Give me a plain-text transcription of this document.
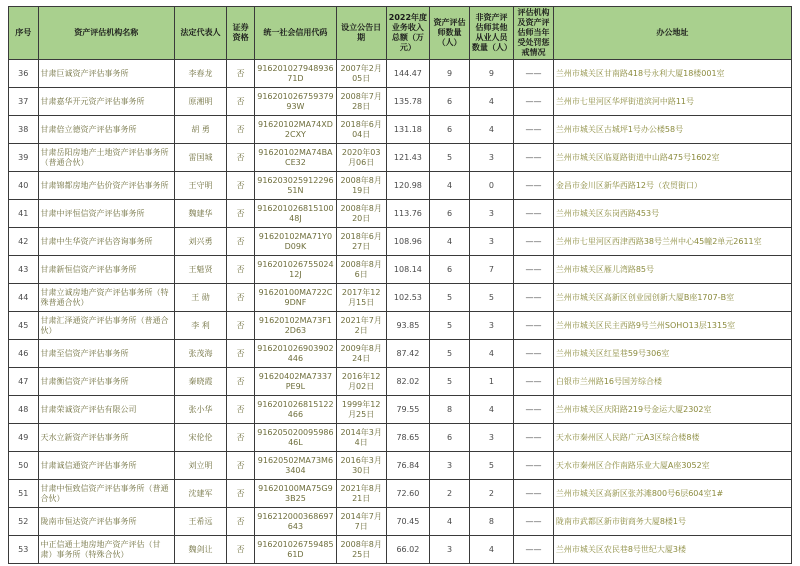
序号	资产评估机构名称	法定代表人	证券资格	统一社会信用代码	设立公告日期	2022年度业务收入总额（万元）	资产评估师数量（人）	非资产评估师其他从业人员数量（人）	评估机构及资产评估师当年受处罚惩戒情况	办公地址
36	甘肃巨诚资产评估事务所	李春龙	否	91620102794893671D	2007年2月05日	144.47	9	9	——	兰州市城关区甘南路418号永利大厦18楼001室
37	甘肃嘉华开元资产评估事务所	原湘明	否	91620102675937993W	2008年7月28日	135.78	6	4	——	兰州市七里河区华坪街道滨河中路11号
38	甘肃倍立德资产评估事务所	胡 勇	否	91620102MA74XD2CXY	2018年6月04日	131.18	6	4	——	兰州市城关区古城坪1号办公楼58号
39	甘肃岳阳房地产土地资产评估事务所（普通合伙）	雷国城	否	91620102MA74BACE32	2020年03月06日	121.43	5	3	——	兰州市城关区临夏路街道中山路475号1602室
40	甘肃锦都房地产估价资产评估事务所	王守明	否	91620302591229651N	2008年8月19日	120.98	4	0	——	金昌市金川区新华西路12号（农贸街口）
41	甘肃中评恒信资产评估事务所	魏建华	否	91620102681510048J	2008年8月20日	113.76	6	3	——	兰州市城关区东岗西路453号
42	甘肃中生华资产评估咨询事务所	刘兴勇	否	91620102MA71Y0D09K	2018年6月27日	108.96	4	3	——	兰州市七里河区西津西路38号兰州中心45幢2单元2611室
43	甘肃新恒信资产评估事务所	王魁贤	否	91620102675502412J	2008年8月6日	108.14	6	7	——	兰州市城关区雁儿湾路85号
44	甘肃立诚房地产资产评估事务所（特殊普通合伙）	王 勋	否	91620100MA722C9DNF	2017年12月15日	102.53	5	5	——	兰州市城关区高新区创业园创新大厦B座1707-B室
45	甘肃汇泽通资产评估事务所（普通合伙）	李 利	否	91620102MA73F12D63	2021年7月2日	93.85	5	3	——	兰州市城关区民主西路9号兰州SOHO13层1315室
46	甘肃至信资产评估事务所	张茂海	否	916201026903902446	2009年8月24日	87.42	5	4	——	兰州市城关区红星巷59号306室
47	甘肃衡信资产评估事务所	秦晓霞	否	91620402MA7337PE9L	2016年12月02日	82.02	5	1	——	白银市兰州路16号国芳综合楼
48	甘肃荣诚资产评估有限公司	张小华	否	916201026815122466	1999年12月25日	79.55	8	4	——	兰州市城关区庆阳路219号金运大厦2302室
49	天水立新资产评估事务所	宋伦伦	否	91620502009598646L	2014年3月4日	78.65	6	3	——	天水市秦州区人民路广元A3区综合楼8楼
50	甘肃诚信通资产评估事务所	刘立明	否	91620502MA73M63404	2016年3月30日	76.84	3	5	——	天水市秦州区合作南路乐业大厦A座3052室
51	甘肃中恒致信资产评估事务所（普通合伙）	沈建军	否	91620100MA75G93B25	2021年8月21日	72.60	2	2	——	兰州市城关区高新区张苏滩800号6层604室1#
52	陇南市恒达资产评估事务所	王希远	否	916212000368697643	2014年7月7日	70.45	4	8	——	陇南市武都区新市街商务大厦8楼1号
53	中正信通土地房地产资产评估（甘肃）事务所（特殊合伙）	魏剑让	否	91620102675948561D	2008年8月25日	66.02	3	4	——	兰州市城关区农民巷8号世纪大厦3楼
